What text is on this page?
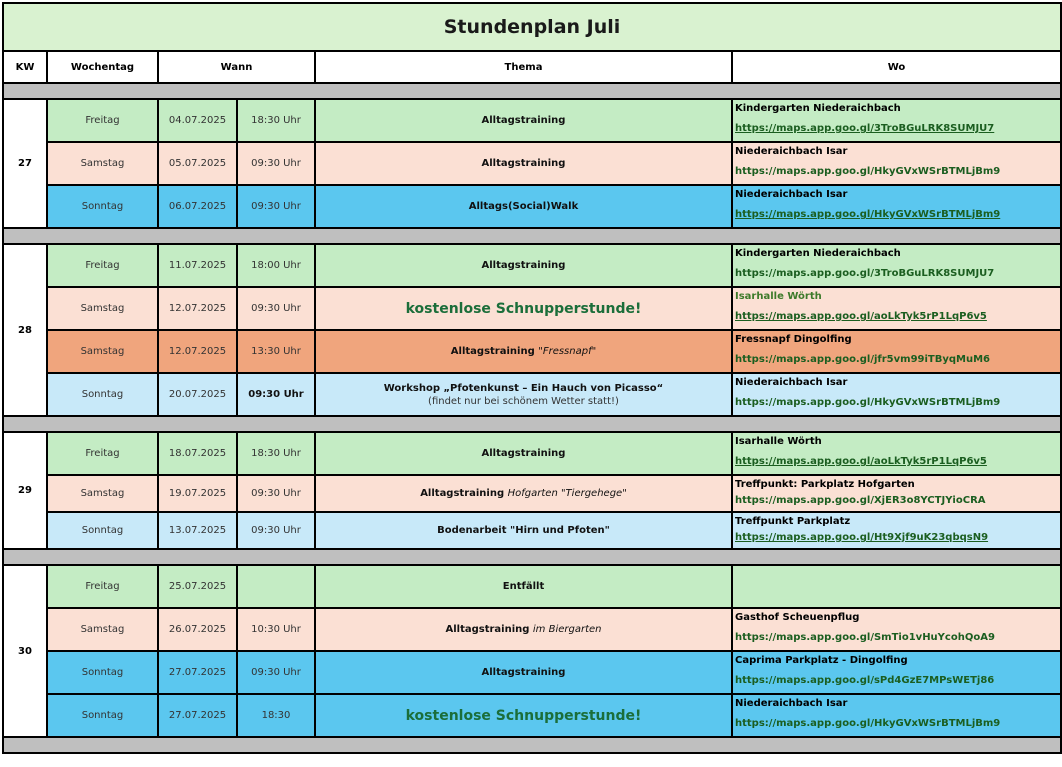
Stundenplan Juli					
KW	Wochentag	Wann		Thema	Wo

27	Freitag	04.07.2025	18:30 Uhr	Alltagstraining	Kindergarten Niederaichbach
https://maps.app.goo.gl/3TroBGuLRK8SUMJU7

	Samstag	05.07.2025	09:30 Uhr	Alltagstraining	Niederaichbach Isar
https://maps.app.goo.gl/HkyGVxWSrBTMLjBm9

	Sonntag	06.07.2025	09:30 Uhr	Alltags(Social)Walk	Niederaichbach Isar
https://maps.app.goo.gl/HkyGVxWSrBTMLjBm9

28	Freitag	11.07.2025	18:00 Uhr	Alltagstraining	Kindergarten Niederaichbach
https://maps.app.goo.gl/3TroBGuLRK8SUMJU7

	Samstag	12.07.2025	09:30 Uhr	kostenlose Schnupperstunde!	Isarhalle Wörth
https://maps.app.goo.gl/aoLkTyk5rP1LqP6v5

	Samstag	12.07.2025	13:30 Uhr	Alltagstraining "Fressnapf"	Fressnapf Dingolfing
https://maps.app.goo.gl/jfr5vm99iTByqMuM6

	Sonntag	20.07.2025	09:30 Uhr	Workshop „Pfotenkunst – Ein Hauch von Picasso“
(findet nur bei schönem Wetter statt!)	Niederaichbach Isar
https://maps.app.goo.gl/HkyGVxWSrBTMLjBm9

29	Freitag	18.07.2025	18:30 Uhr	Alltagstraining	Isarhalle Wörth
https://maps.app.goo.gl/aoLkTyk5rP1LqP6v5

	Samstag	19.07.2025	09:30 Uhr	Alltagstraining Hofgarten "Tiergehege"	Treffpunkt: Parkplatz Hofgarten
https://maps.app.goo.gl/XjER3o8YCTJYioCRA

	Sonntag	13.07.2025	09:30 Uhr	Bodenarbeit "Hirn und Pfoten"	Treffpunkt Parkplatz
https://maps.app.goo.gl/Ht9Xjf9uK23qbqsN9

30	Freitag	25.07.2025		Entfällt	

	Samstag	26.07.2025	10:30 Uhr	Alltagstraining im Biergarten	Gasthof Scheuenpflug
https://maps.app.goo.gl/SmTio1vHuYcohQoA9

	Sonntag	27.07.2025	09:30 Uhr	Alltagstraining	Caprima Parkplatz - Dingolfing
https://maps.app.goo.gl/sPd4GzE7MPsWETj86

	Sonntag	27.07.2025	18:30	kostenlose Schnupperstunde!	Niederaichbach Isar
https://maps.app.goo.gl/HkyGVxWSrBTMLjBm9
